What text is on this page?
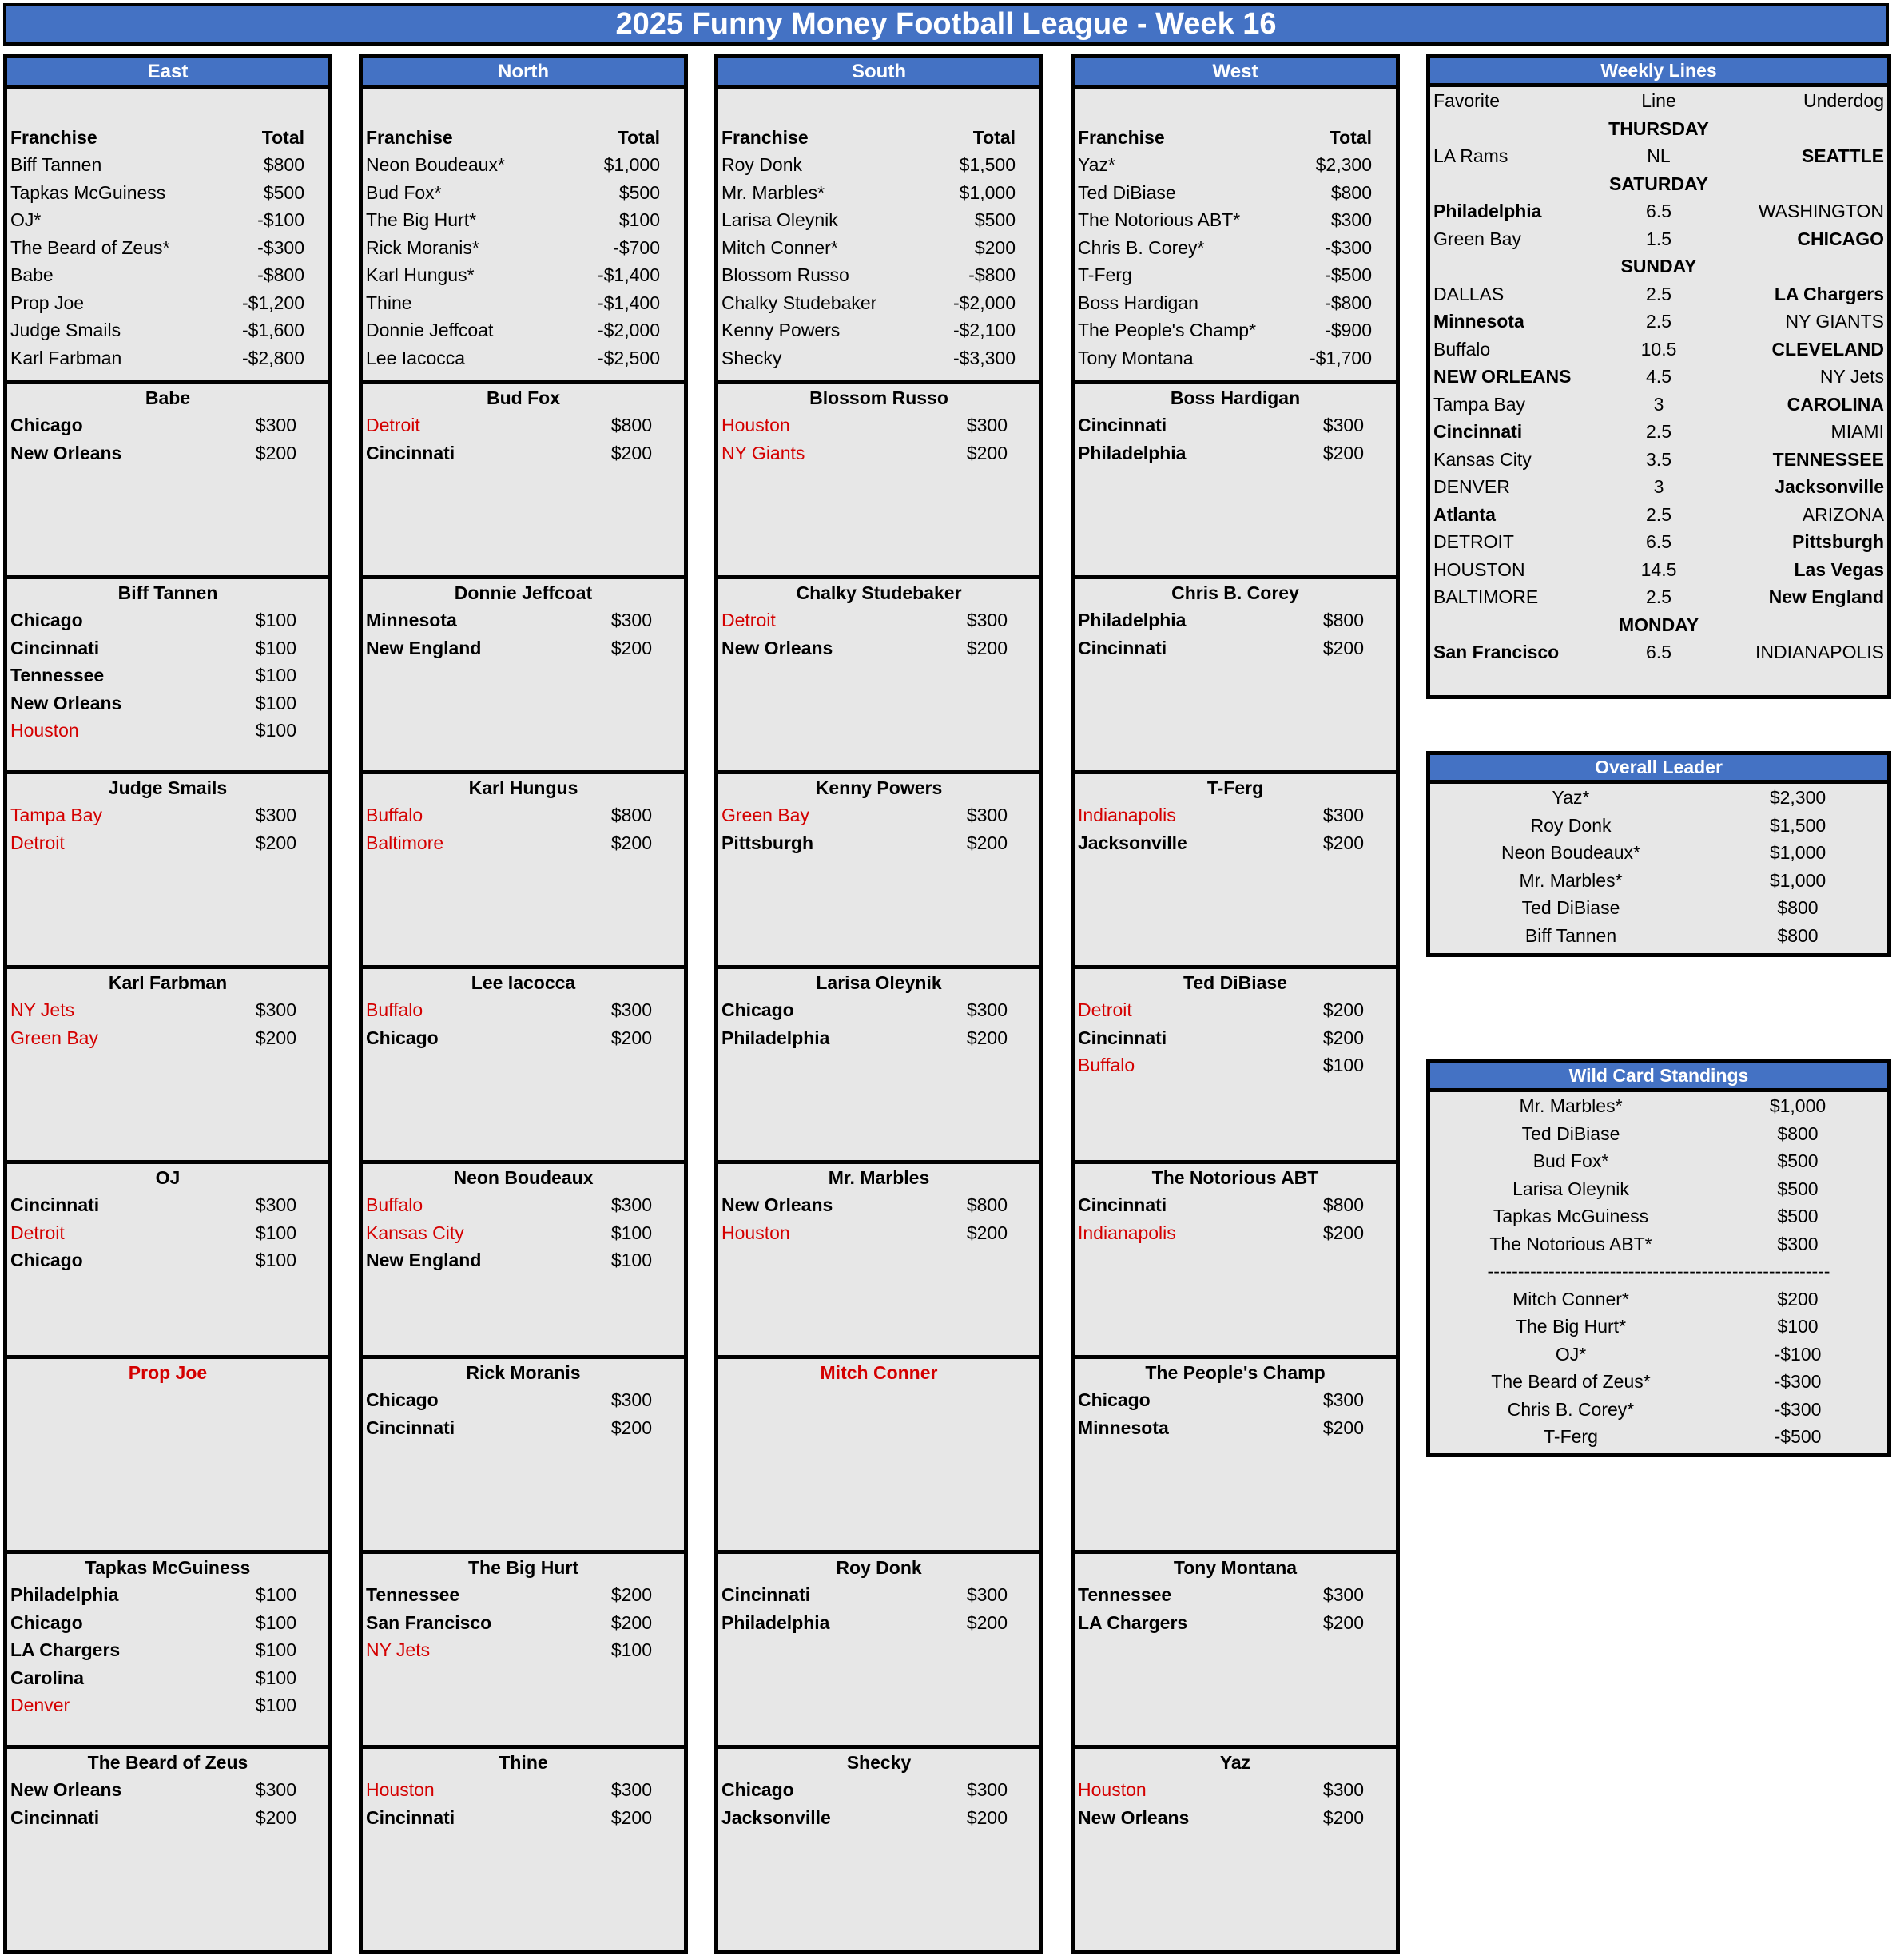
2025 Funny Money Football League - Week 16
East
Franchise	Total
Biff Tannen	$800
Tapkas McGuiness	$500
OJ*	-$100
The Beard of Zeus*	-$300
Babe	-$800
Prop Joe	-$1,200
Judge Smails	-$1,600
Karl Farbman	-$2,800
Babe
Chicago	$300
New Orleans	$200
Biff Tannen
Chicago	$100
Cincinnati	$100
Tennessee	$100
New Orleans	$100
Houston	$100
Judge Smails
Tampa Bay	$300
Detroit	$200
Karl Farbman
NY Jets	$300
Green Bay	$200
OJ
Cincinnati	$300
Detroit	$100
Chicago	$100
Prop Joe
Tapkas McGuiness
Philadelphia	$100
Chicago	$100
LA Chargers	$100
Carolina	$100
Denver	$100
The Beard of Zeus
New Orleans	$300
Cincinnati	$200
North
Franchise	Total
Neon Boudeaux*	$1,000
Bud Fox*	$500
The Big Hurt*	$100
Rick Moranis*	-$700
Karl Hungus*	-$1,400
Thine	-$1,400
Donnie Jeffcoat	-$2,000
Lee Iacocca	-$2,500
Bud Fox
Detroit	$800
Cincinnati	$200
Donnie Jeffcoat
Minnesota	$300
New England	$200
Karl Hungus
Buffalo	$800
Baltimore	$200
Lee Iacocca
Buffalo	$300
Chicago	$200
Neon Boudeaux
Buffalo	$300
Kansas City	$100
New England	$100
Rick Moranis
Chicago	$300
Cincinnati	$200
The Big Hurt
Tennessee	$200
San Francisco	$200
NY Jets	$100
Thine
Houston	$300
Cincinnati	$200
South
Franchise	Total
Roy Donk	$1,500
Mr. Marbles*	$1,000
Larisa Oleynik	$500
Mitch Conner*	$200
Blossom Russo	-$800
Chalky Studebaker	-$2,000
Kenny Powers	-$2,100
Shecky	-$3,300
Blossom Russo
Houston	$300
NY Giants	$200
Chalky Studebaker
Detroit	$300
New Orleans	$200
Kenny Powers
Green Bay	$300
Pittsburgh	$200
Larisa Oleynik
Chicago	$300
Philadelphia	$200
Mr. Marbles
New Orleans	$800
Houston	$200
Mitch Conner
Roy Donk
Cincinnati	$300
Philadelphia	$200
Shecky
Chicago	$300
Jacksonville	$200
West
Franchise	Total
Yaz*	$2,300
Ted DiBiase	$800
The Notorious ABT*	$300
Chris B. Corey*	-$300
T-Ferg	-$500
Boss Hardigan	-$800
The People's Champ*	-$900
Tony Montana	-$1,700
Boss Hardigan
Cincinnati	$300
Philadelphia	$200
Chris B. Corey
Philadelphia	$800
Cincinnati	$200
T-Ferg
Indianapolis	$300
Jacksonville	$200
Ted DiBiase
Detroit	$200
Cincinnati	$200
Buffalo	$100
The Notorious ABT
Cincinnati	$800
Indianapolis	$200
The People's Champ
Chicago	$300
Minnesota	$200
Tony Montana
Tennessee	$300
LA Chargers	$200
Yaz
Houston	$300
New Orleans	$200
Weekly Lines
Favorite	Line	Underdog
THURSDAY
LA Rams	NL	SEATTLE
SATURDAY
Philadelphia	6.5	WASHINGTON
Green Bay	1.5	CHICAGO
SUNDAY
DALLAS	2.5	LA Chargers
Minnesota	2.5	NY GIANTS
Buffalo	10.5	CLEVELAND
NEW ORLEANS	4.5	NY Jets
Tampa Bay	3	CAROLINA
Cincinnati	2.5	MIAMI
Kansas City	3.5	TENNESSEE
DENVER	3	Jacksonville
Atlanta	2.5	ARIZONA
DETROIT	6.5	Pittsburgh
HOUSTON	14.5	Las Vegas
BALTIMORE	2.5	New England
MONDAY
San Francisco	6.5	INDIANAPOLIS
Overall Leader
Yaz*	$2,300
Roy Donk	$1,500
Neon Boudeaux*	$1,000
Mr. Marbles*	$1,000
Ted DiBiase	$800
Biff Tannen	$800
Wild Card Standings
Mr. Marbles*	$1,000
Ted DiBiase	$800
Bud Fox*	$500
Larisa Oleynik	$500
Tapkas McGuiness	$500
The Notorious ABT*	$300
--------------------------------------------------------
Mitch Conner*	$200
The Big Hurt*	$100
OJ*	-$100
The Beard of Zeus*	-$300
Chris B. Corey*	-$300
T-Ferg	-$500
